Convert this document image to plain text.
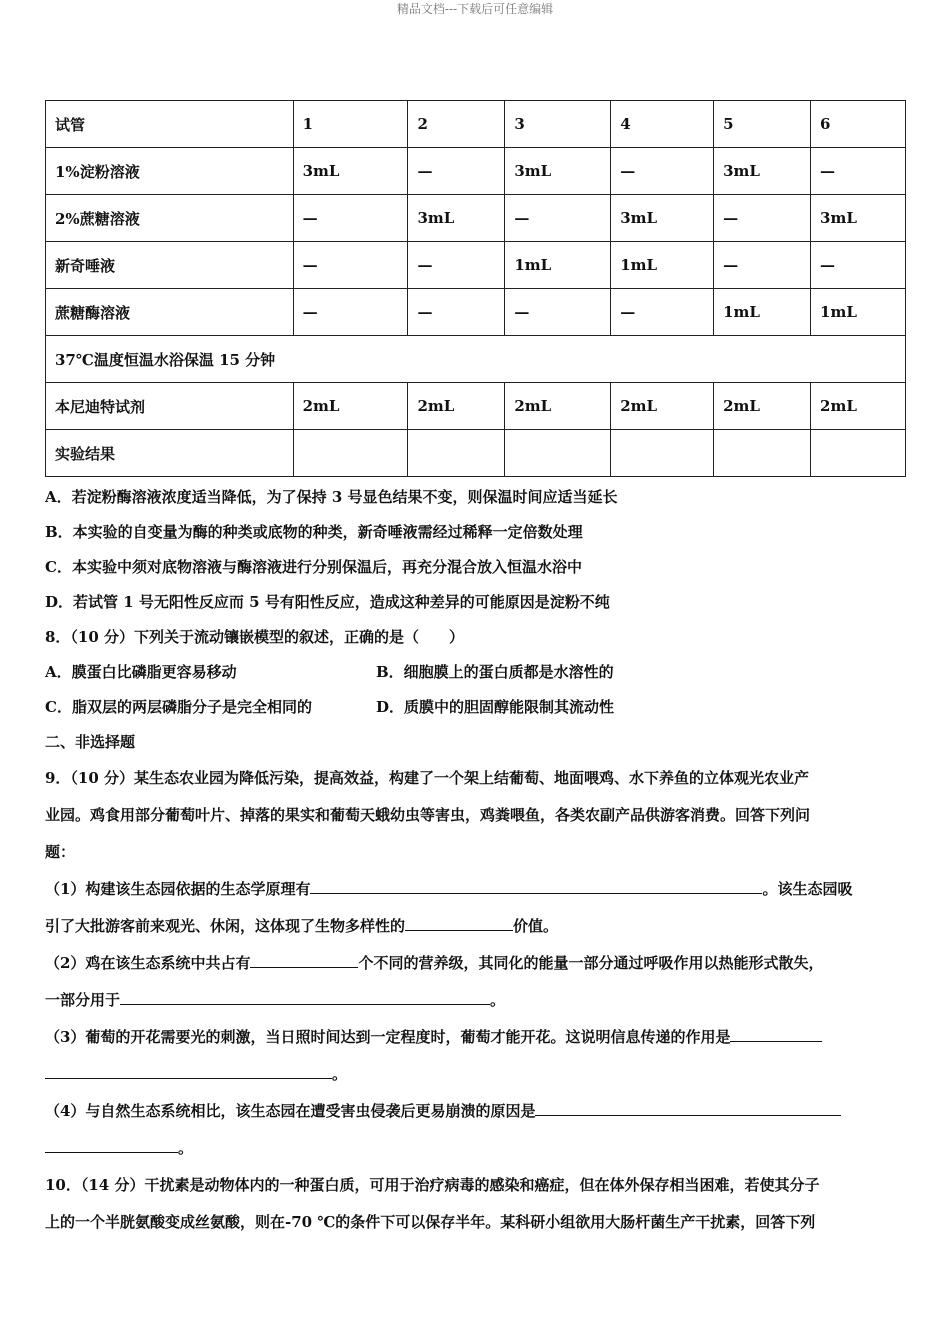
精品文档---下载后可任意编辑
试管	1	2	3	4	5	6
1%淀粉溶液	3mL	—	3mL	—	3mL	—
2%蔗糖溶液	—	3mL	—	3mL	—	3mL
新奇唾液	—	—	1mL	1mL	—	—
蔗糖酶溶液	—	—	—	—	1mL	1mL
37℃温度恒温水浴保温 15 分钟						
本尼迪特试剂	2mL	2mL	2mL	2mL	2mL	2mL
实验结果						
A．若淀粉酶溶液浓度适当降低，为了保持 3 号显色结果不变，则保温时间应适当延长
B．本实验的自变量为酶的种类或底物的种类，新奇唾液需经过稀释一定倍数处理
C．本实验中须对底物溶液与酶溶液进行分别保温后，再充分混合放入恒温水浴中
D．若试管 1 号无阳性反应而 5 号有阳性反应，造成这种差异的可能原因是淀粉不纯
8．（10 分）下列关于流动镶嵌模型的叙述，正确的是（　　）
A．膜蛋白比磷脂更容易移动	B．细胞膜上的蛋白质都是水溶性的
C．脂双层的两层磷脂分子是完全相同的	D．质膜中的胆固醇能限制其流动性
二、非选择题
9．（10 分）某生态农业园为降低污染，提高效益，构建了一个架上结葡萄、地面喂鸡、水下养鱼的立体观光农业产
业园。鸡食用部分葡萄叶片、掉落的果实和葡萄天蛾幼虫等害虫，鸡粪喂鱼，各类农副产品供游客消费。回答下列问
题：
（1）构建该生态园依据的生态学原理有	。该生态园吸
引了大批游客前来观光、休闲，这体现了生物多样性的	价值。
（2）鸡在该生态系统中共占有	个不同的营养级，其同化的能量一部分通过呼吸作用以热能形式散失，
一部分用于	。
（3）葡萄的开花需要光的刺激，当日照时间达到一定程度时，葡萄才能开花。这说明信息传递的作用是
。
（4）与自然生态系统相比，该生态园在遭受害虫侵袭后更易崩溃的原因是
。
10．（14 分）干扰素是动物体内的一种蛋白质，可用于治疗病毒的感染和癌症，但在体外保存相当困难，若使其分子
上的一个半胱氨酸变成丝氨酸，则在-70 ℃的条件下可以保存半年。某科研小组欲用大肠杆菌生产干扰素，回答下列
